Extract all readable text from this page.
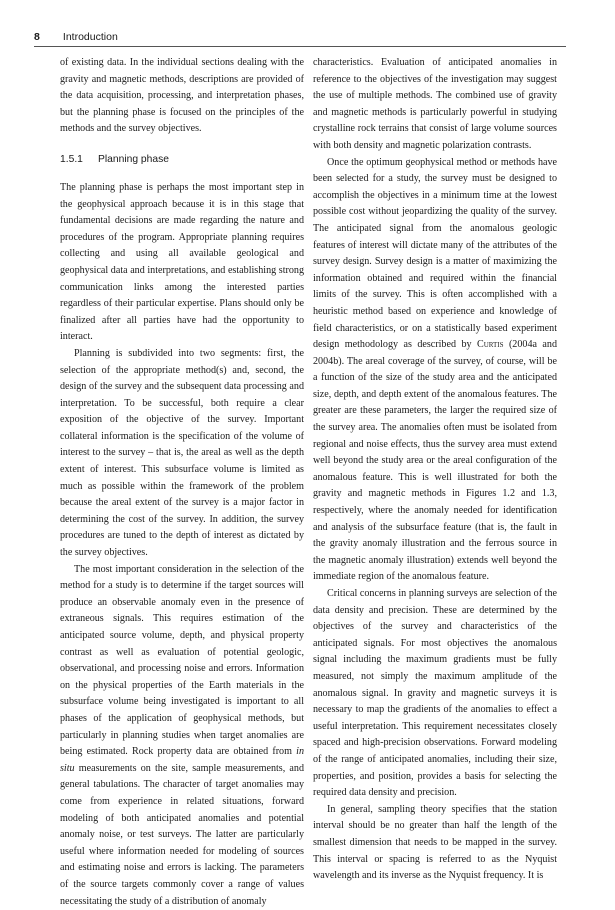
8 Introduction

of existing data. In the individual sections dealing with the gravity and magnetic methods, descriptions are provided of the data acquisition, processing, and interpretation phases, but the planning phase is focused on the principles of the methods and the survey objectives.

1.5.1 Planning phase

The planning phase is perhaps the most important step in the geophysical approach because it is in this stage that fundamental decisions are made regarding the nature and procedures of the program. Appropriate planning requires collecting and using all available geological and geophysical data and interpretations, and establishing strong communication links among the interested parties regardless of their particular expertise. Plans should only be finalized after all parties have had the opportunity to interact.

Planning is subdivided into two segments: first, the selection of the appropriate method(s) and, second, the design of the survey and the subsequent data processing and interpretation. To be successful, both require a clear exposition of the objective of the survey. Important collateral information is the specification of the volume of interest to the survey – that is, the areal as well as the depth extent of interest. This subsurface volume is limited as much as possible within the framework of the problem because the areal extent of the survey is a major factor in determining the cost of the survey. In addition, the survey procedures are tuned to the depth of interest as dictated by the survey objectives.

The most important consideration in the selection of the method for a study is to determine if the target sources will produce an observable anomaly even in the presence of extraneous signals. This requires estimation of the anticipated source volume, depth, and physical property contrast as well as evaluation of potential geologic, observational, and processing noise and errors. Information on the physical properties of the Earth materials in the subsurface volume being investigated is important to all phases of the application of geophysical methods, but particularly in planning studies when target anomalies are being estimated. Rock property data are obtained from in situ measurements on the site, sample measurements, and general tabulations. The character of target anomalies may come from experience in related situations, forward modeling of both anticipated anomalies and potential anomaly noise, or test surveys. The latter are particularly useful where information needed for modeling of sources and estimating noise and errors is lacking. The parameters of the source targets commonly cover a range of values necessitating the study of a distribution of anomaly

characteristics. Evaluation of anticipated anomalies in reference to the objectives of the investigation may suggest the use of multiple methods. The combined use of gravity and magnetic methods is particularly powerful in studying crystalline rock terrains that consist of large volume sources with both density and magnetic polarization contrasts.

Once the optimum geophysical method or methods have been selected for a study, the survey must be designed to accomplish the objectives in a minimum time at the lowest possible cost without jeopardizing the quality of the survey. The anticipated signal from the anomalous geologic features of interest will dictate many of the attributes of the survey design. Survey design is a matter of maximizing the information obtained and required within the financial limits of the survey. This is often accomplished with a heuristic method based on experience and knowledge of field characteristics, or on a statistically based experiment design methodology as described by Curtis (2004a and 2004b). The areal coverage of the survey, of course, will be a function of the size of the study area and the anticipated size, depth, and depth extent of the anomalous features. The greater are these parameters, the larger the required size of the survey area. The anomalies often must be isolated from regional and noise effects, thus the survey area must extend well beyond the study area or the areal configuration of the anomalous feature. This is well illustrated for both the gravity and magnetic methods in Figures 1.2 and 1.3, respectively, where the anomaly needed for identification and analysis of the subsurface feature (that is, the fault in the gravity anomaly illustration and the ferrous source in the magnetic anomaly illustration) extends well beyond the immediate region of the anomalous feature.

Critical concerns in planning surveys are selection of the data density and precision. These are determined by the objectives of the survey and characteristics of the anticipated signals. For most objectives the anomalous signal including the maximum gradients must be fully measured, not simply the maximum amplitude of the anomalous signal. In gravity and magnetic surveys it is necessary to map the gradients of the anomalies to effect a useful interpretation. This requirement necessitates closely spaced and high-precision observations. Forward modeling of the range of anticipated anomalies, including their size, properties, and position, provides a basis for selecting the required data density and precision.

In general, sampling theory specifies that the station interval should be no greater than half the length of the smallest dimension that needs to be mapped in the survey. This interval or spacing is referred to as the Nyquist wavelength and its inverse as the Nyquist frequency. It is
